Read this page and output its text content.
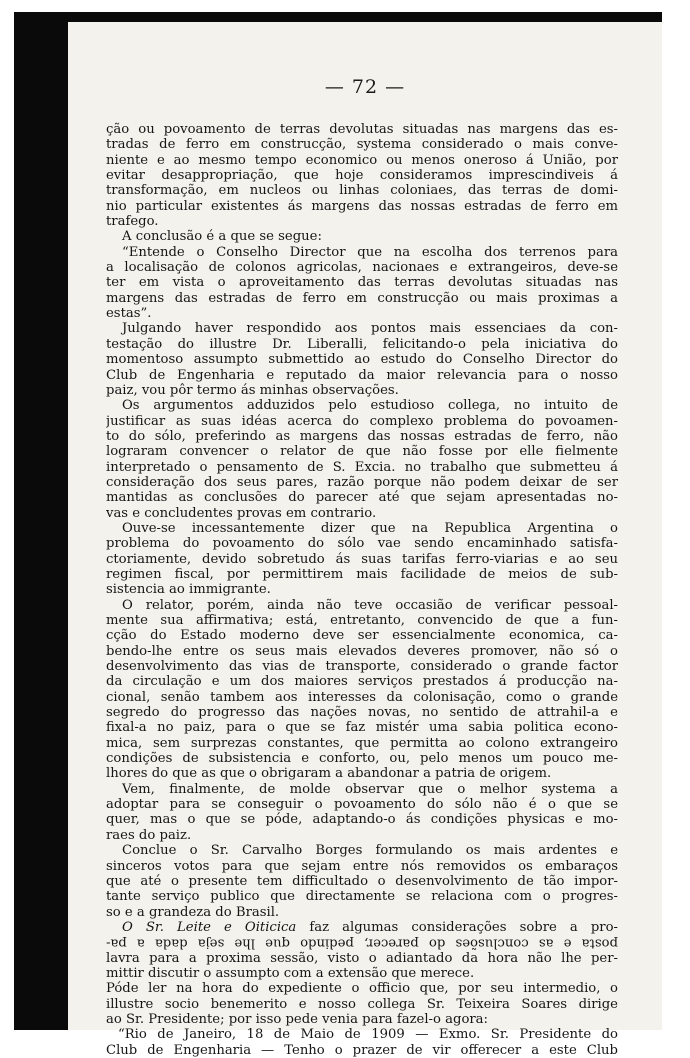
— 72 —
ção ou povoamento de terras devolutas situadas nas margens das es-
tradas de ferro em construcção, systema considerado o mais conve-
niente e ao mesmo tempo economico ou menos oneroso á União, por
evitar desappropriação, que hoje consideramos imprescindiveis á
transformação, em nucleos ou linhas coloniaes, das terras de domi-
nio particular existentes ás margens das nossas estradas de ferro em
trafego.
A conclusão é a que se segue:
“Entende o Conselho Director que na escolha dos terrenos para
a localisação de colonos agricolas, nacionaes e extrangeiros, deve-se
ter em vista o aproveitamento das terras devolutas situadas nas
margens das estradas de ferro em construcção ou mais proximas a
estas”.
Julgando haver respondido aos pontos mais essenciaes da con-
testação do illustre Dr. Liberalli, felicitando-o pela iniciativa do
momentoso assumpto submettido ao estudo do Conselho Director do
Club de Engenharia e reputado da maior relevancia para o nosso
paiz, vou pôr termo ás minhas observações.
Os argumentos adduzidos pelo estudioso collega, no intuito de
justificar as suas idéas acerca do complexo problema do povoamen-
to do sólo, preferindo as margens das nossas estradas de ferro, não
lograram convencer o relator de que não fosse por elle fielmente
interpretado o pensamento de S. Excia. no trabalho que submetteu á
consideração dos seus pares, razão porque não podem deixar de ser
mantidas as conclusões do parecer até que sejam apresentadas no-
vas e concludentes provas em contrario.
Ouve-se incessantemente dizer que na Republica Argentina o
problema do povoamento do sólo vae sendo encaminhado satisfa-
ctoriamente, devido sobretudo ás suas tarifas ferro-viarias e ao seu
regimen fiscal, por permittirem mais facilidade de meios de sub-
sistencia ao immigrante.
O relator, porém, ainda não teve occasião de verificar pessoal-
mente sua affirmativa; está, entretanto, convencido de que a fun-
cção do Estado moderno deve ser essencialmente economica, ca-
bendo-lhe entre os seus mais elevados deveres promover, não só o
desenvolvimento das vias de transporte, considerado o grande factor
da circulação e um dos maiores serviços prestados á producção na-
cional, senão tambem aos interesses da colonisação, como o grande
segredo do progresso das nações novas, no sentido de attrahil-a e
fixal-a no paiz, para o que se faz mistér uma sabia politica econo-
mica, sem surprezas constantes, que permitta ao colono extrangeiro
condições de subsistencia e conforto, ou, pelo menos um pouco me-
lhores do que as que o obrigaram a abandonar a patria de origem.
Vem, finalmente, de molde observar que o melhor systema a
adoptar para se conseguir o povoamento do sólo não é o que se
quer, mas o que se póde, adaptando-o ás condições physicas e mo-
raes do paiz.
Conclue o Sr. Carvalho Borges formulando os mais ardentes e
sinceros votos para que sejam entre nós removidos os embaraços
que até o presente tem difficultado o desenvolvimento de tão impor-
tante serviço publico que directamente se relaciona com o progres-
so e a grandeza do Brasil.
O Sr. Leite e Oiticica faz algumas considerações sobre a pro-
posta e as conclusões do parecer, pedindo que lhe seja dada a pa-
lavra para a proxima sessão, visto o adiantado da hora não lhe per-
mittir discutir o assumpto com a extensão que merece.
Póde ler na hora do expediente o officio que, por seu intermedio, o
illustre socio benemerito e nosso collega Sr. Teixeira Soares dirige
ao Sr. Presidente; por isso pede venia para fazel-o agora:
“Rio de Janeiro, 18 de Maio de 1909 — Exmo. Sr. Presidente do
Club de Engenharia — Tenho o prazer de vir offerecer a este Club
